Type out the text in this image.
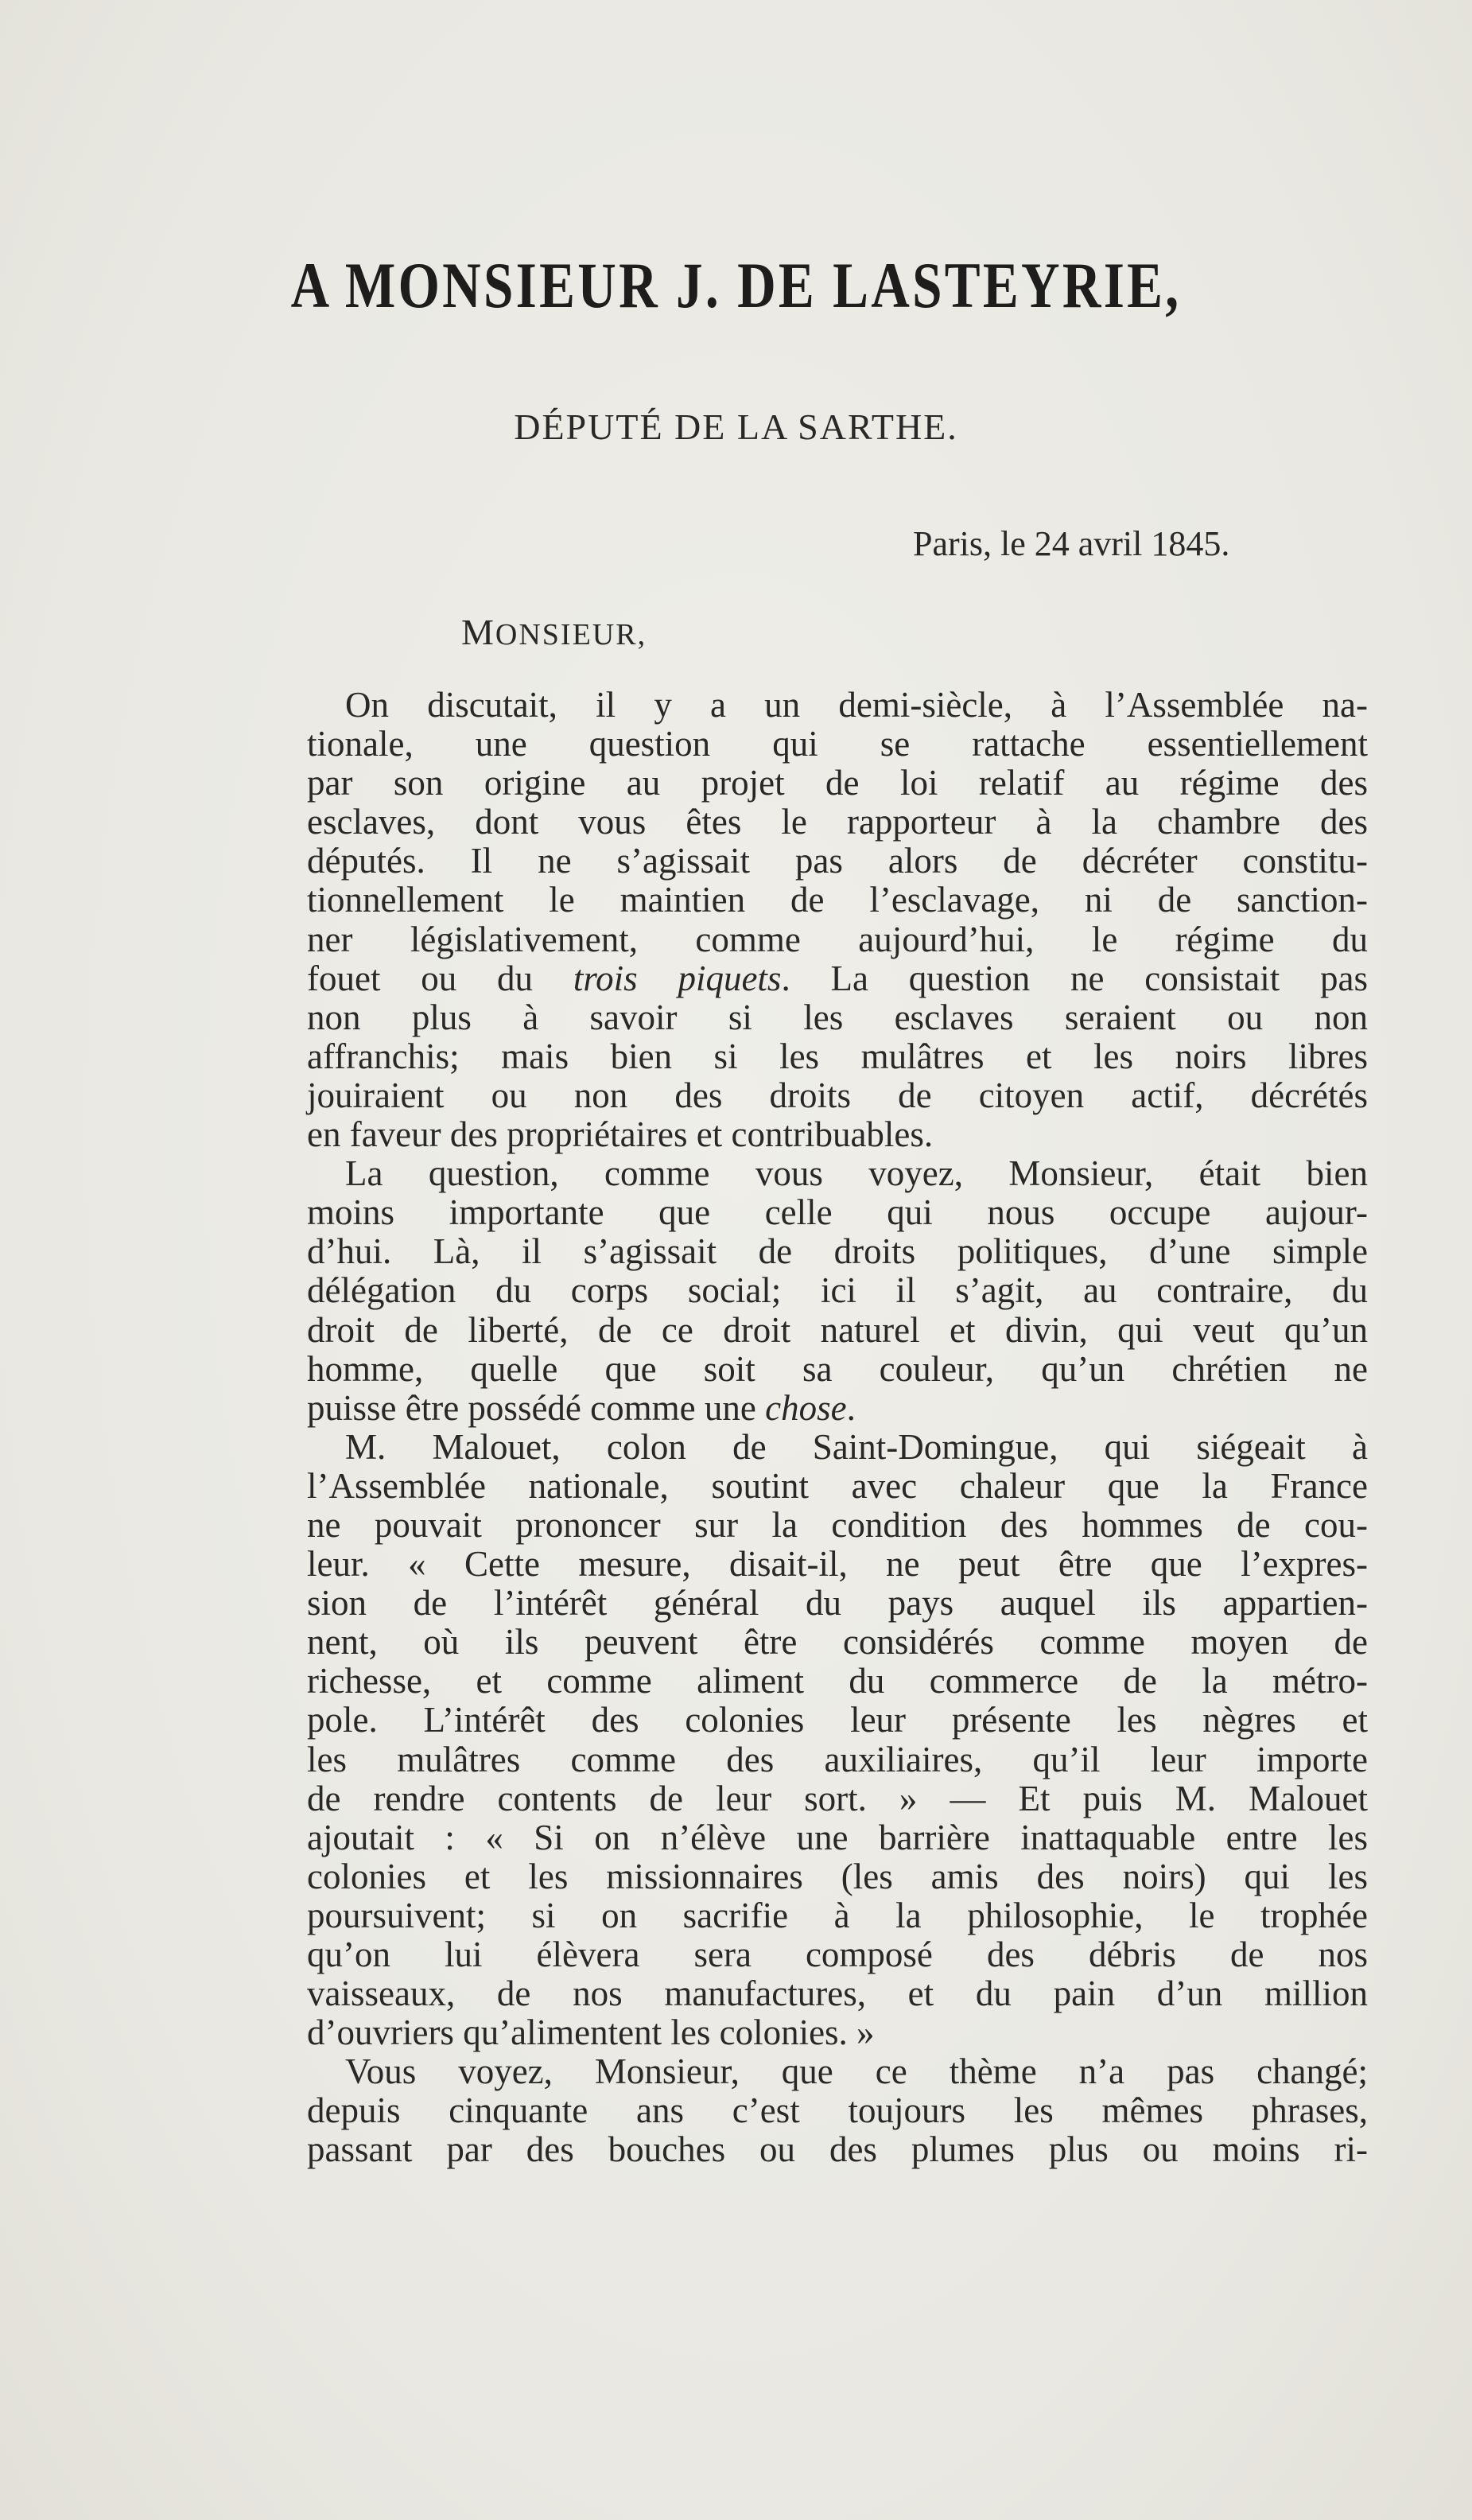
A MONSIEUR J. DE LASTEYRIE,
DÉPUTÉ DE LA SARTHE.
Paris, le 24 avril 1845.
MONSIEUR,
On discutait, il y a un demi-siècle, à l’Assemblée na-
tionale, une question qui se rattache essentiellement
par son origine au projet de loi relatif au régime des
esclaves, dont vous êtes le rapporteur à la chambre des
députés. Il ne s’agissait pas alors de décréter constitu-
tionnellement le maintien de l’esclavage, ni de sanction-
ner législativement, comme aujourd’hui, le régime du
fouet ou du trois piquets. La question ne consistait pas
non plus à savoir si les esclaves seraient ou non
affranchis; mais bien si les mulâtres et les noirs libres
jouiraient ou non des droits de citoyen actif, décrétés
en faveur des propriétaires et contribuables.
La question, comme vous voyez, Monsieur, était bien
moins importante que celle qui nous occupe aujour-
d’hui. Là, il s’agissait de droits politiques, d’une simple
délégation du corps social; ici il s’agit, au contraire, du
droit de liberté, de ce droit naturel et divin, qui veut qu’un
homme, quelle que soit sa couleur, qu’un chrétien ne
puisse être possédé comme une chose.
M. Malouet, colon de Saint-Domingue, qui siégeait à
l’Assemblée nationale, soutint avec chaleur que la France
ne pouvait prononcer sur la condition des hommes de cou-
leur. « Cette mesure, disait-il, ne peut être que l’expres-
sion de l’intérêt général du pays auquel ils appartien-
nent, où ils peuvent être considérés comme moyen de
richesse, et comme aliment du commerce de la métro-
pole. L’intérêt des colonies leur présente les nègres et
les mulâtres comme des auxiliaires, qu’il leur importe
de rendre contents de leur sort. » — Et puis M. Malouet
ajoutait : « Si on n’élève une barrière inattaquable entre les
colonies et les missionnaires (les amis des noirs) qui les
poursuivent; si on sacrifie à la philosophie, le trophée
qu’on lui élèvera sera composé des débris de nos
vaisseaux, de nos manufactures, et du pain d’un million
d’ouvriers qu’alimentent les colonies. »
Vous voyez, Monsieur, que ce thème n’a pas changé;
depuis cinquante ans c’est toujours les mêmes phrases,
passant par des bouches ou des plumes plus ou moins ri-
